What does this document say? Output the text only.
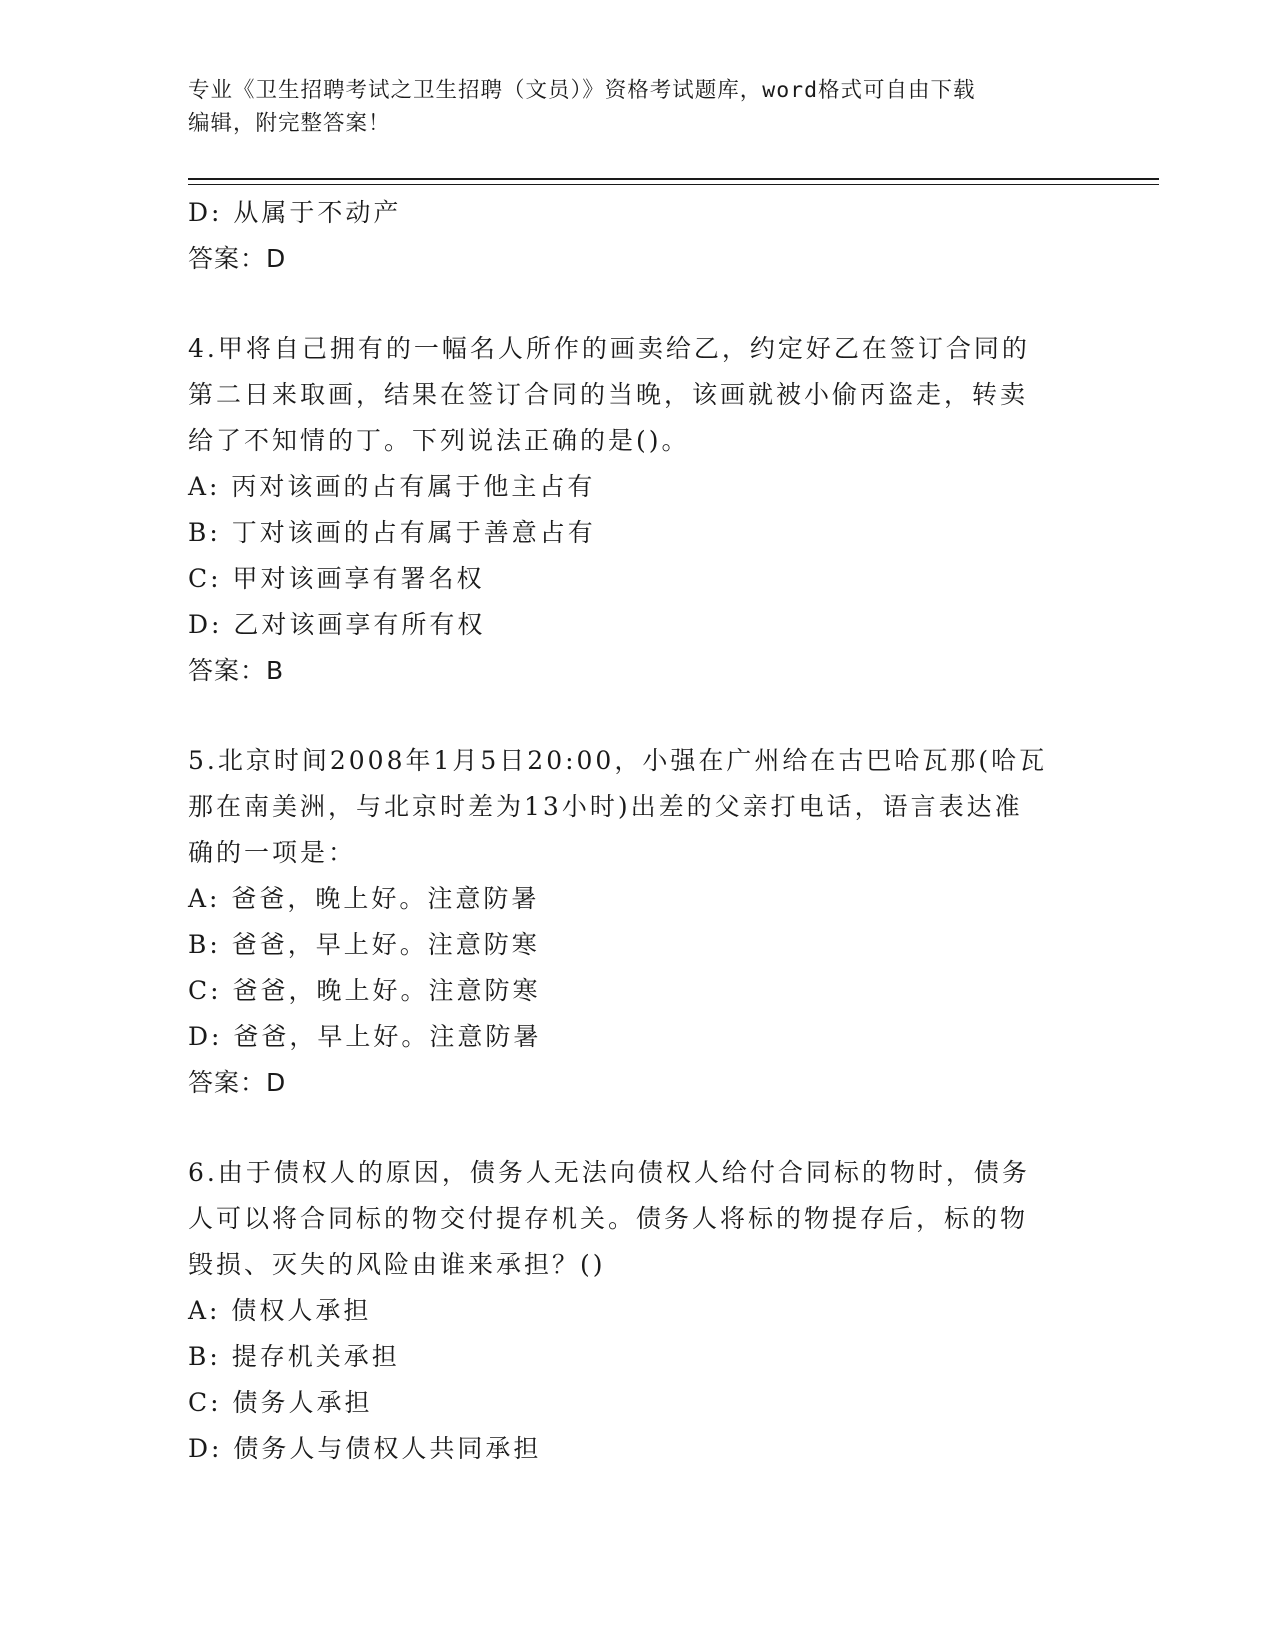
专业《卫生招聘考试之卫生招聘（文员）》资格考试题库，word格式可自由下载
编辑，附完整答案！
D: 从属于不动产
答案：D
4.甲将自己拥有的一幅名人所作的画卖给乙，约定好乙在签订合同的
第二日来取画，结果在签订合同的当晚，该画就被小偷丙盗走，转卖
给了不知情的丁。下列说法正确的是()。
A: 丙对该画的占有属于他主占有
B: 丁对该画的占有属于善意占有
C: 甲对该画享有署名权
D: 乙对该画享有所有权
答案：B
5.北京时间2008年1月5日20:00，小强在广州给在古巴哈瓦那(哈瓦
那在南美洲，与北京时差为13小时)出差的父亲打电话，语言表达准
确的一项是：
A: 爸爸，晚上好。注意防暑
B: 爸爸，早上好。注意防寒
C: 爸爸，晚上好。注意防寒
D: 爸爸，早上好。注意防暑
答案：D
6.由于债权人的原因，债务人无法向债权人给付合同标的物时，债务
人可以将合同标的物交付提存机关。债务人将标的物提存后，标的物
毁损、灭失的风险由谁来承担？()
A: 债权人承担
B: 提存机关承担
C: 债务人承担
D: 债务人与债权人共同承担
